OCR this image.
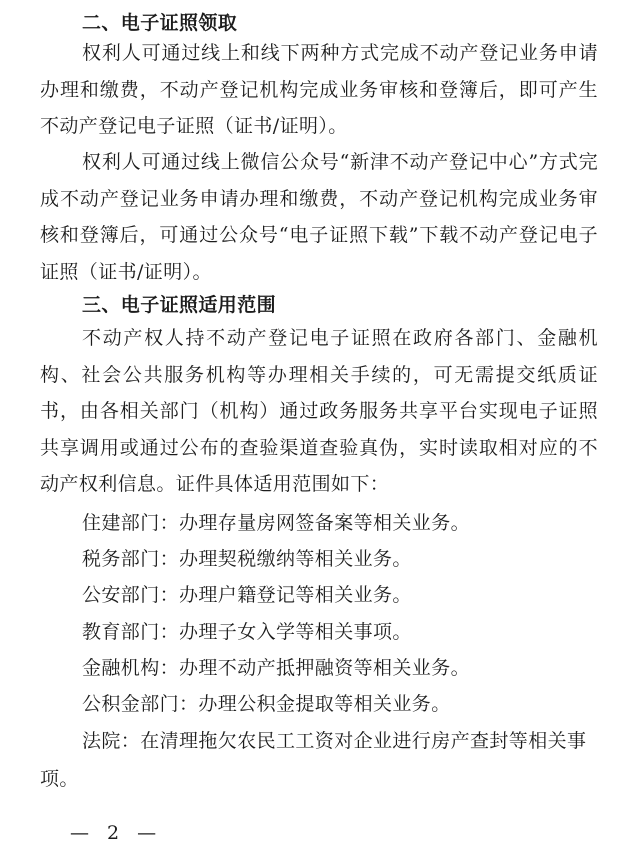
二、电子证照领取

权利人可通过线上和线下两种方式完成不动产登记业务申请办理和缴费，不动产登记机构完成业务审核和登簿后，即可产生不动产登记电子证照（证书/证明）。

权利人可通过线上微信公众号“新津不动产登记中心”方式完成不动产登记业务申请办理和缴费，不动产登记机构完成业务审核和登簿后，可通过公众号“电子证照下载”下载不动产登记电子证照（证书/证明）。

三、电子证照适用范围

不动产权人持不动产登记电子证照在政府各部门、金融机构、社会公共服务机构等办理相关手续的，可无需提交纸质证书，由各相关部门（机构）通过政务服务共享平台实现电子证照共享调用或通过公布的查验渠道查验真伪，实时读取相对应的不动产权利信息。证件具体适用范围如下：

住建部门：办理存量房网签备案等相关业务。

税务部门：办理契税缴纳等相关业务。

公安部门：办理户籍登记等相关业务。

教育部门：办理子女入学等相关事项。

金融机构：办理不动产抵押融资等相关业务。

公积金部门：办理公积金提取等相关业务。

法院：在清理拖欠农民工工资对企业进行房产查封等相关事项。

— 2 —
